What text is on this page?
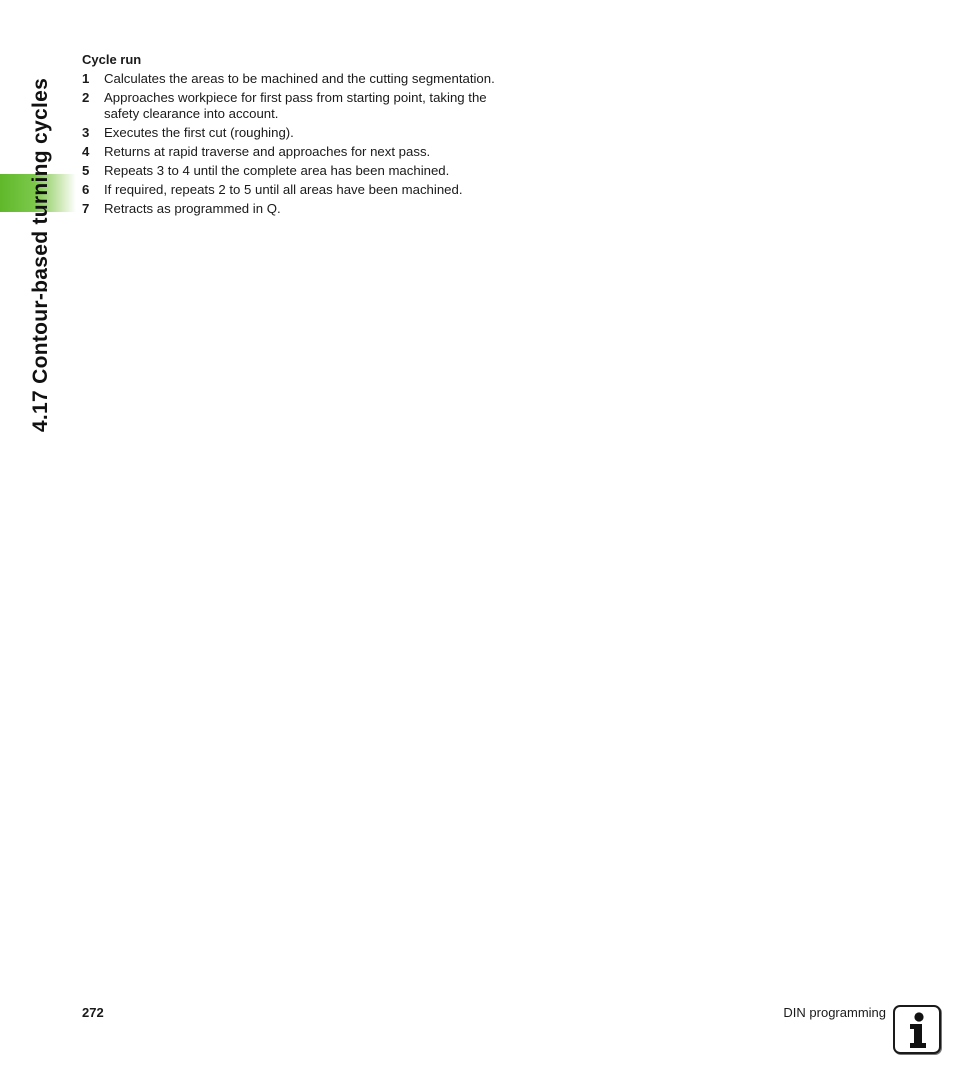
4.17 Contour-based turning cycles
Cycle run
1	Calculates the areas to be machined and the cutting segmentation.
2	Approaches workpiece for first pass from starting point, taking the safety clearance into account.
3	Executes the first cut (roughing).
4	Returns at rapid traverse and approaches for next pass.
5	Repeats 3 to 4 until the complete area has been machined.
6	If required, repeats 2 to 5 until all areas have been machined.
7	Retracts as programmed in Q.
272	DIN programming
